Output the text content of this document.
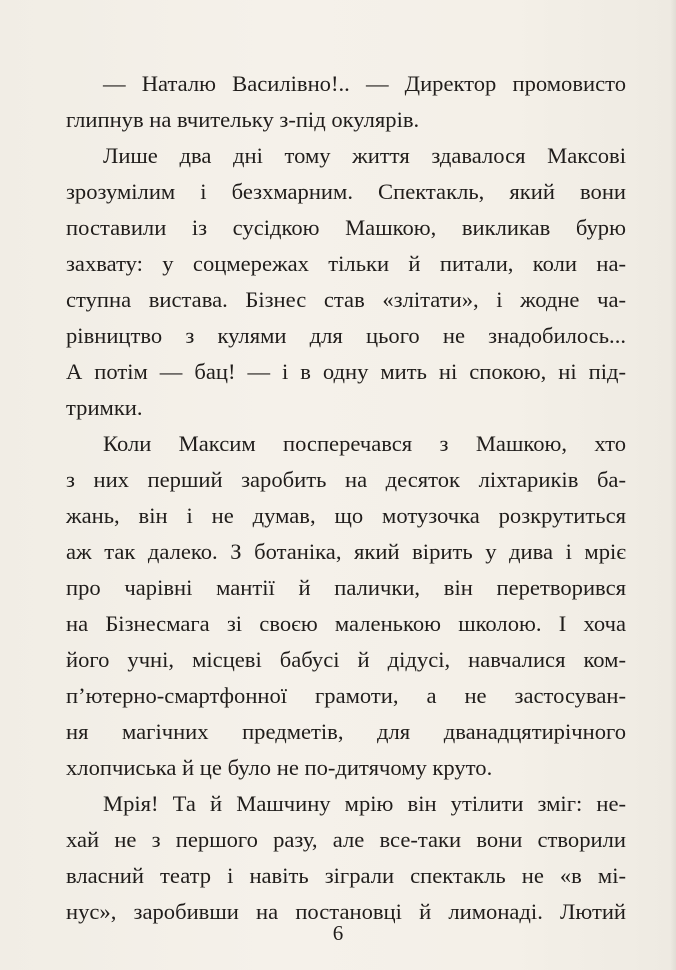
— Наталю Василівно!.. — Директор промовисто
глипнув на вчительку з-під окулярів.
Лише два дні тому життя здавалося Максові
зрозумілим і безхмарним. Спектакль, який вони
поставили із сусідкою Машкою, викликав бурю
захвату: у соцмережах тільки й питали, коли на-
ступна вистава. Бізнес став «злітати», і жодне ча-
рівництво з кулями для цього не знадобилось...
А потім — бац! — і в одну мить ні спокою, ні під-
тримки.
Коли Максим посперечався з Машкою, хто
з них перший заробить на десяток ліхтариків ба-
жань, він і не думав, що мотузочка розкрутиться
аж так далеко. З ботаніка, який вірить у дива і мріє
про чарівні мантії й палички, він перетворився
на Бізнесмага зі своєю маленькою школою. І хоча
його учні, місцеві бабусі й дідусі, навчалися ком-
п’ютерно-смартфонної грамоти, а не застосуван-
ня магічних предметів, для дванадцятирічного
хлопчиська й це було не по-дитячому круто.
Мрія! Та й Машчину мрію він утілити зміг: не-
хай не з першого разу, але все-таки вони створили
власний театр і навіть зіграли спектакль не «в мі-
нус», заробивши на постановці й лимонаді. Лютий
6
